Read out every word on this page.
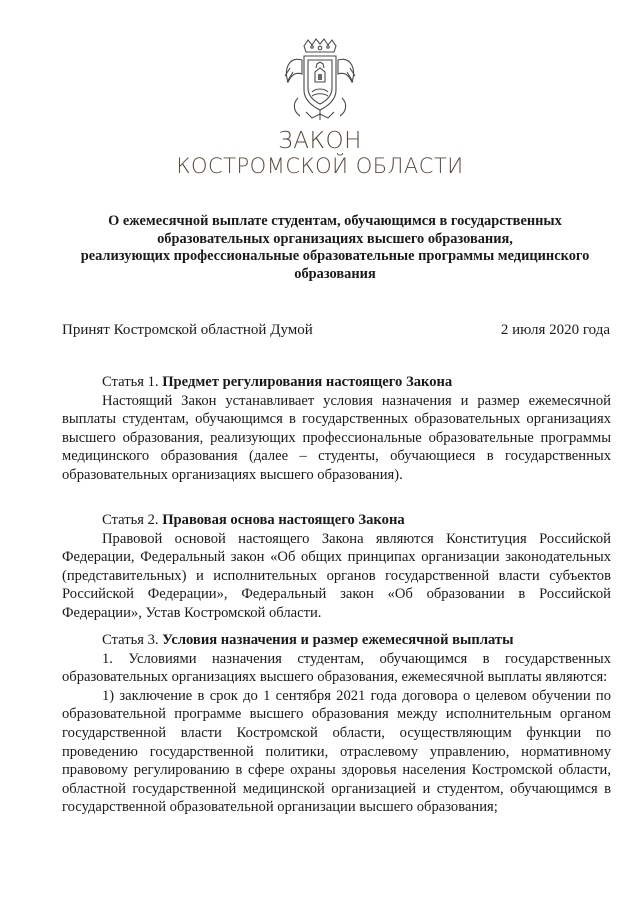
ЗАКОН
КОСТРОМСКОЙ ОБЛАСТИ
О ежемесячной выплате студентам, обучающимся в государственных
образовательных организациях высшего образования,
реализующих профессиональные образовательные программы медицинского
образования
Принят Костромской областной Думой	2 июля 2020 года
Статья 1. Предмет регулирования настоящего Закона

Настоящий Закон устанавливает условия назначения и размер ежемесячной выплаты студентам, обучающимся в государственных образовательных организациях высшего образования, реализующих профессиональные образовательные программы медицинского образования (далее – студенты, обучающиеся в государственных образовательных организациях высшего образования).

Статья 2. Правовая основа настоящего Закона

Правовой основой настоящего Закона являются Конституция Российской Федерации, Федеральный закон «Об общих принципах организации законодательных (представительных) и исполнительных органов государственной власти субъектов Российской Федерации», Федеральный закон «Об образовании в Российской Федерации», Устав Костромской области.

Статья 3. Условия назначения и размер ежемесячной выплаты

1. Условиями назначения студентам, обучающимся в государственных образовательных организациях высшего образования, ежемесячной выплаты являются:

1) заключение в срок до 1 сентября 2021 года договора о целевом обучении по образовательной программе высшего образования между исполнительным органом государственной власти Костромской области, осуществляющим функции по проведению государственной политики, отраслевому управлению, нормативному правовому регулированию в сфере охраны здоровья населения Костромской области, областной государственной медицинской организацией и студентом, обучающимся в государственной образовательной организации высшего образования;
